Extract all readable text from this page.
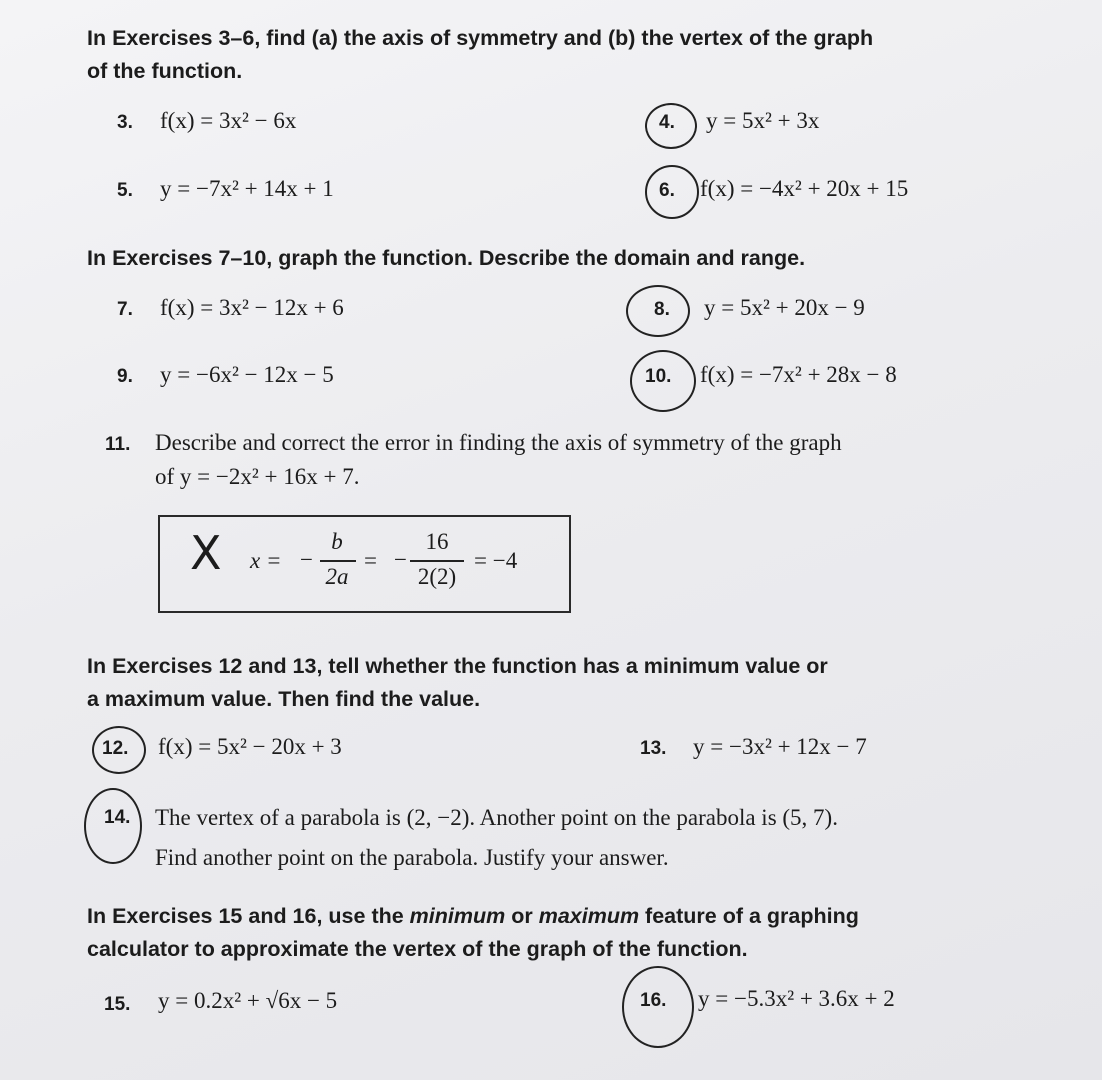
In Exercises 3–6, find (a) the axis of symmetry and (b) the vertex of the graph
of the function.
3. f(x) = 3x² − 6x	4. y = 5x² + 3x
5. y = −7x² + 14x + 1	6. f(x) = −4x² + 20x + 15
In Exercises 7–10, graph the function. Describe the domain and range.
7. f(x) = 3x² − 12x + 6	8. y = 5x² + 20x − 9
9. y = −6x² − 12x − 5	10. f(x) = −7x² + 28x − 8
11. Describe and correct the error in finding the axis of symmetry of the graph
of y = −2x² + 16x + 7.
X x = −
b
2a
= −
16
2(2)
= −4
In Exercises 12 and 13, tell whether the function has a minimum value or
a maximum value. Then find the value.
12. f(x) = 5x² − 20x + 3	13. y = −3x² + 12x − 7
14. The vertex of a parabola is (2, −2). Another point on the parabola is (5, 7).
Find another point on the parabola. Justify your answer.
In Exercises 15 and 16, use the minimum or maximum feature of a graphing
calculator to approximate the vertex of the graph of the function.
15. y = 0.2x² + √6x − 5	16. y = −5.3x² + 3.6x + 2
